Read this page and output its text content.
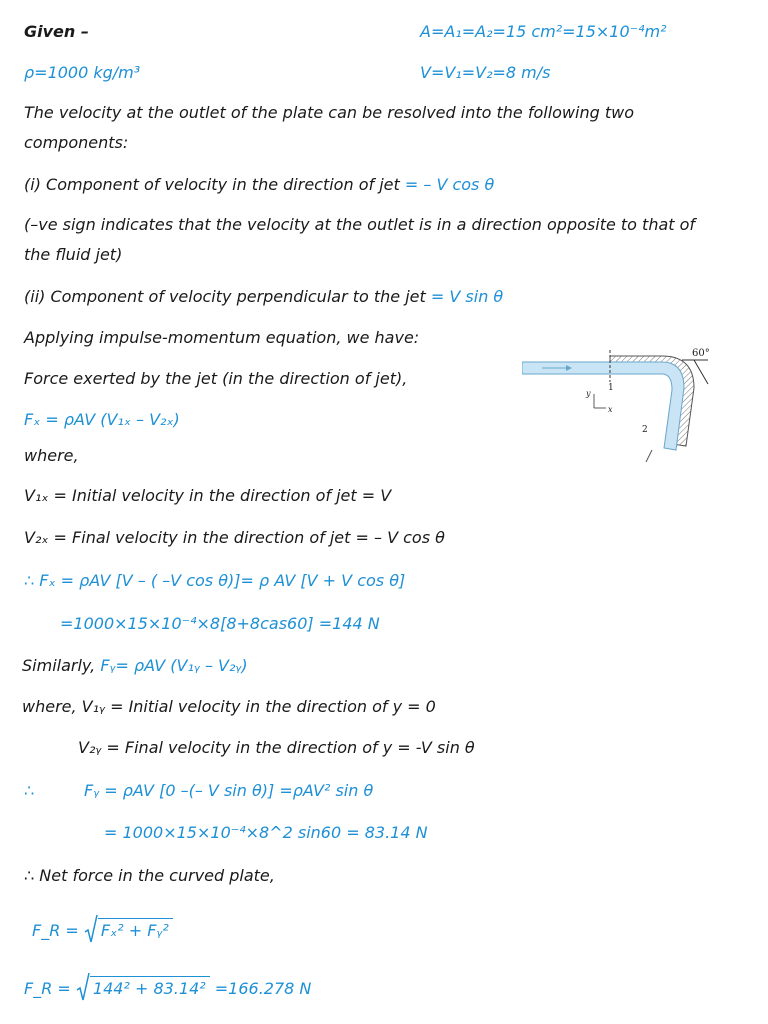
Given –	A=A₁=A₂=15 cm²=15×10⁻⁴m²
ρ=1000 kg/m³	V=V₁=V₂=8 m/s
The velocity at the outlet of the plate can be resolved into the following two
components:
(i) Component of velocity in the direction of jet = – V cos θ
(–ve sign indicates that the velocity at the outlet is in a direction opposite to that of
the fluid jet)
(ii) Component of velocity perpendicular to the jet = V sin θ
Applying impulse-momentum equation, we have:
Force exerted by the jet (in the direction of jet),
Fₓ = ρAV (V₁ₓ – V₂ₓ)
where,
V₁ₓ = Initial velocity in the direction of jet = V
V₂ₓ = Final velocity in the direction of jet = – V cos θ
∴ Fₓ = ρAV [V – ( –V cos θ)]= ρ AV [V + V cos θ]
=1000×15×10⁻⁴×8[8+8cas60] =144 N
Similarly, Fᵧ= ρAV (V₁ᵧ – V₂ᵧ)
where, V₁ᵧ = Initial velocity in the direction of y = 0
V₂ᵧ = Final velocity in the direction of y = -V sin θ
∴	Fᵧ = ρAV [0 –(– V sin θ)] =ρAV² sin θ
= 1000×15×10⁻⁴×8^2 sin60 = 83.14 N
∴ Net force in the curved plate,
F_R = Fₓ² + Fᵧ²
F_R = 144² + 83.14² =166.278 N
60°
1
2
y
x
